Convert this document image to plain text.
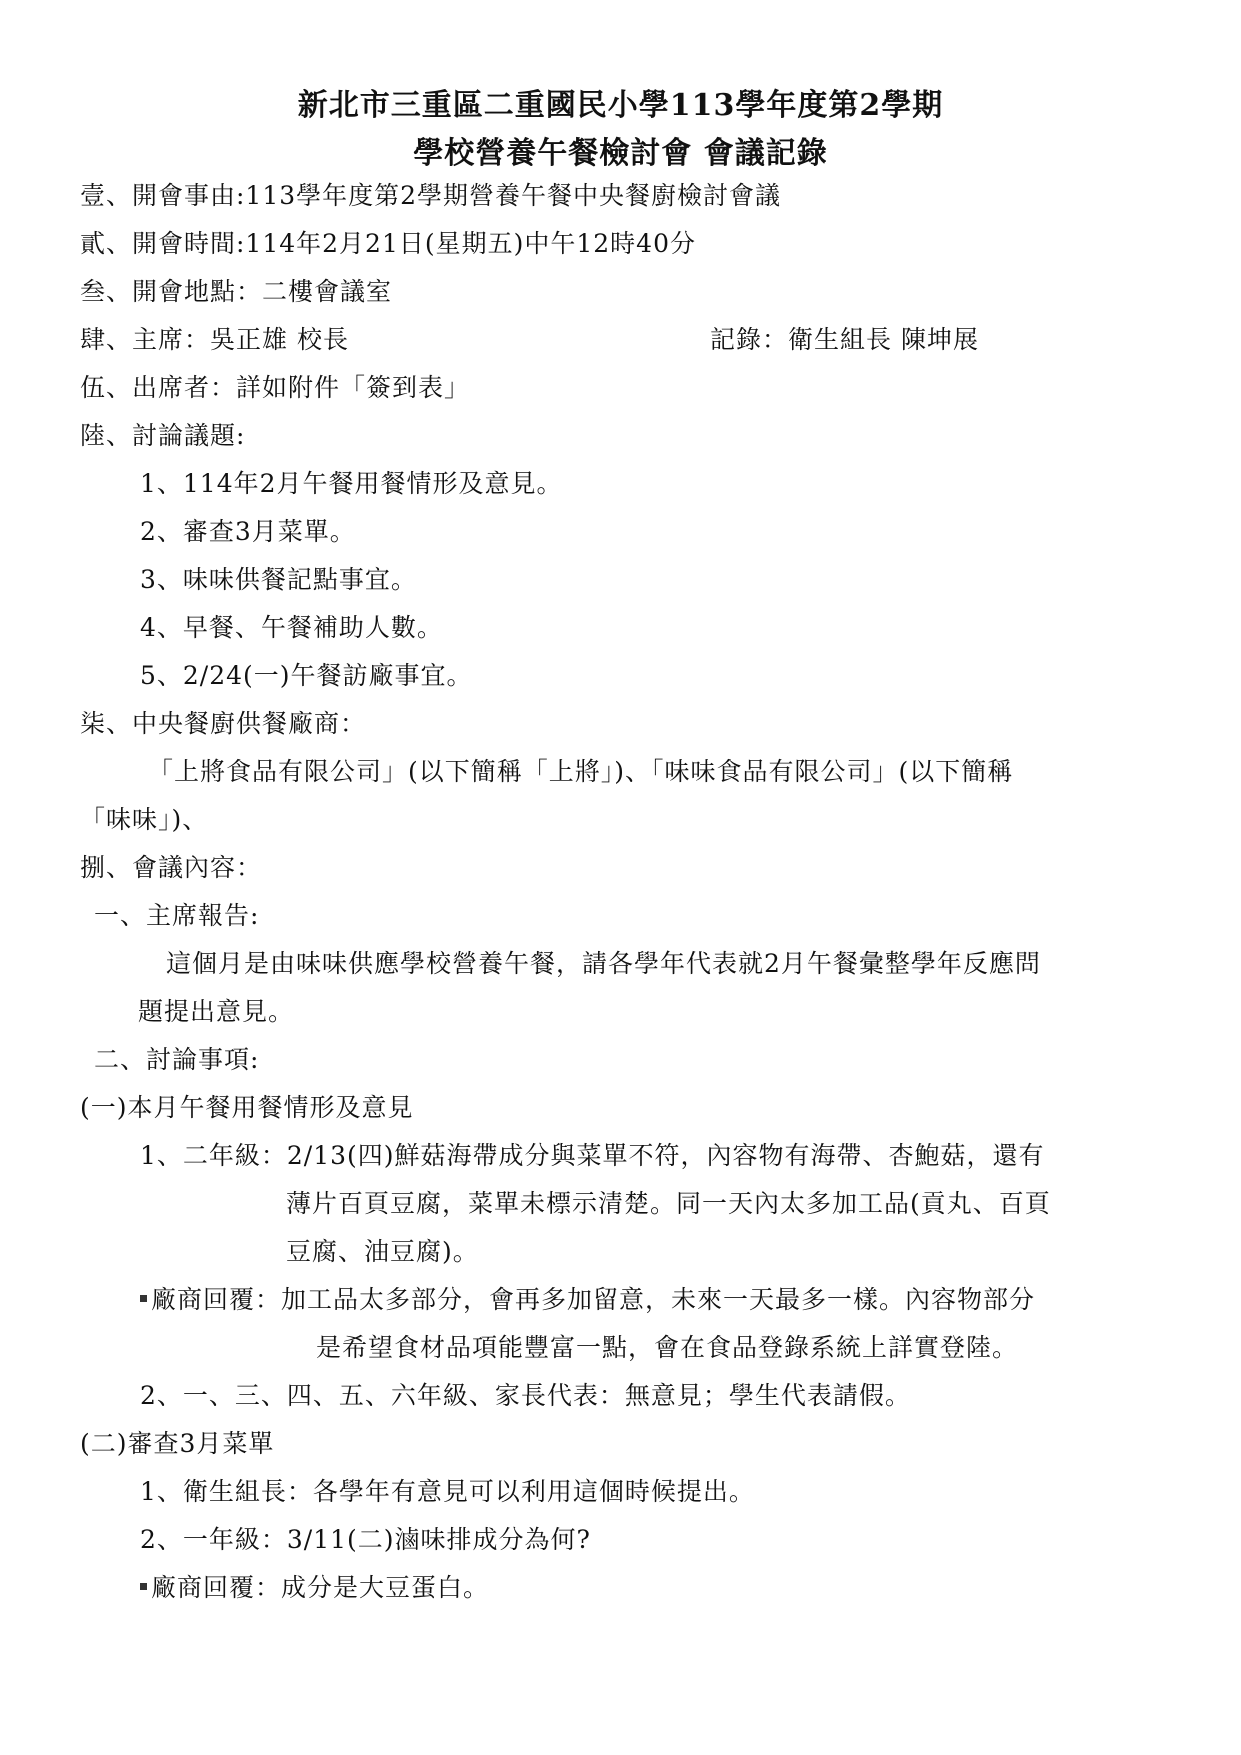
新北市三重區二重國民小學113學年度第2學期
學校營養午餐檢討會 會議記錄
壹、開會事由:113學年度第2學期營養午餐中央餐廚檢討會議
貳、開會時間:114年2月21日(星期五)中午12時40分
叁、開會地點：二樓會議室
肆、主席：吳正雄 校長	記錄：衛生組長 陳坤展
伍、出席者：詳如附件「簽到表」
陸、討論議題:
1、114年2月午餐用餐情形及意見。
2、審查3月菜單。
3、味味供餐記點事宜。
4、早餐、午餐補助人數。
5、2/24(一)午餐訪廠事宜。
柒、中央餐廚供餐廠商：
「上將食品有限公司」(以下簡稱「上將」)、「味味食品有限公司」(以下簡稱
「味味」)、
捌、會議內容：
一、主席報告:
這個月是由味味供應學校營養午餐，請各學年代表就2月午餐彙整學年反應問
題提出意見。
二、討論事項:
(一)本月午餐用餐情形及意見
1、二年級：2/13(四)鮮菇海帶成分與菜單不符，內容物有海帶、杏鮑菇，還有
薄片百頁豆腐，菜單未標示清楚。同一天內太多加工品(貢丸、百頁
豆腐、油豆腐)。
廠商回覆：加工品太多部分，會再多加留意，未來一天最多一樣。內容物部分
是希望食材品項能豐富一點，會在食品登錄系統上詳實登陸。
2、一、三、四、五、六年級、家長代表：無意見；學生代表請假。
(二)審查3月菜單
1、衛生組長：各學年有意見可以利用這個時候提出。
2、一年級：3/11(二)滷味排成分為何?
廠商回覆：成分是大豆蛋白。
